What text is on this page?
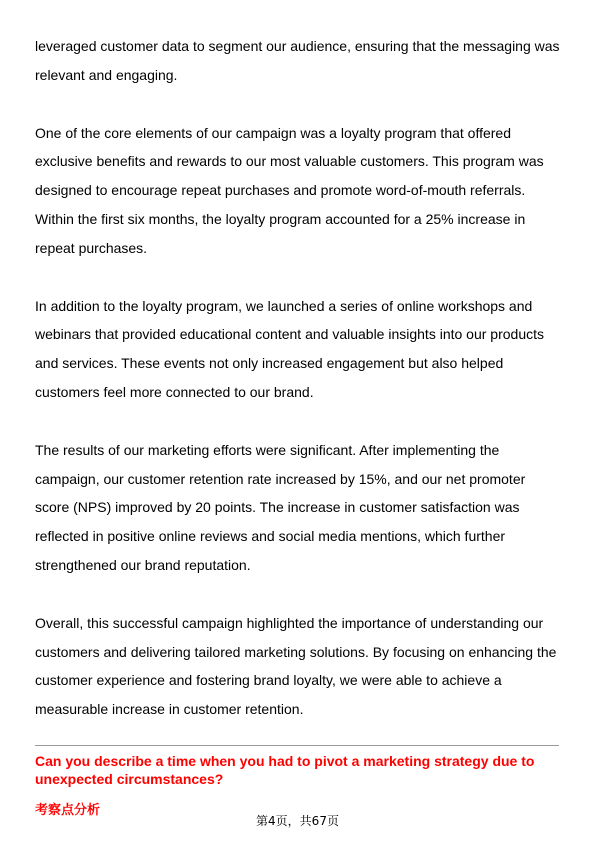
leveraged customer data to segment our audience, ensuring that the messaging was relevant and engaging.

One of the core elements of our campaign was a loyalty program that offered exclusive benefits and rewards to our most valuable customers. This program was designed to encourage repeat purchases and promote word-of-mouth referrals. Within the first six months, the loyalty program accounted for a 25% increase in repeat purchases.

In addition to the loyalty program, we launched a series of online workshops and webinars that provided educational content and valuable insights into our products and services. These events not only increased engagement but also helped customers feel more connected to our brand.

The results of our marketing efforts were significant. After implementing the campaign, our customer retention rate increased by 15%, and our net promoter score (NPS) improved by 20 points. The increase in customer satisfaction was reflected in positive online reviews and social media mentions, which further strengthened our brand reputation.

Overall, this successful campaign highlighted the importance of understanding our customers and delivering tailored marketing solutions. By focusing on enhancing the customer experience and fostering brand loyalty, we were able to achieve a measurable increase in customer retention.

Can you describe a time when you had to pivot a marketing strategy due to unexpected circumstances?

考察点分析

第4页，共67页
